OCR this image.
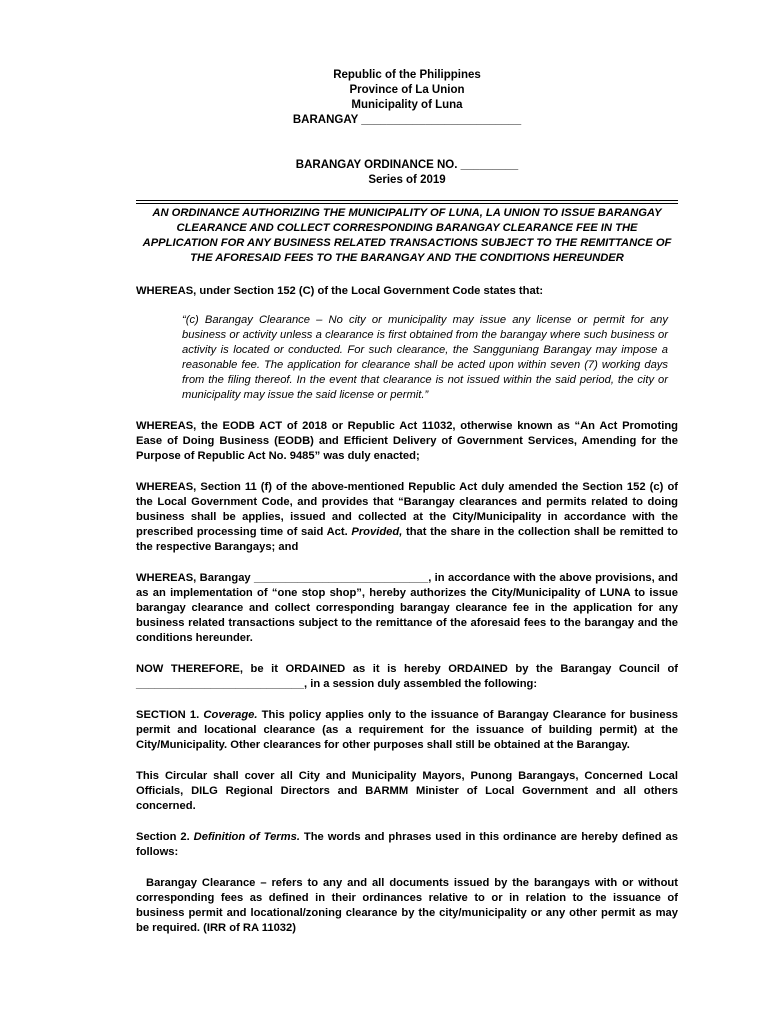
Republic of the Philippines
Province of La Union
Municipality of Luna
BARANGAY _________________________
BARANGAY ORDINANCE NO. _________
Series of 2019
AN ORDINANCE AUTHORIZING THE MUNICIPALITY OF LUNA, LA UNION TO ISSUE BARANGAY CLEARANCE AND COLLECT CORRESPONDING BARANGAY CLEARANCE FEE IN THE APPLICATION FOR ANY BUSINESS RELATED TRANSACTIONS SUBJECT TO THE REMITTANCE OF THE AFORESAID FEES TO THE BARANGAY AND THE CONDITIONS HEREUNDER

WHEREAS, under Section 152 (C) of the Local Government Code states that:

“(c) Barangay Clearance – No city or municipality may issue any license or permit for any business or activity unless a clearance is first obtained from the barangay where such business or activity is located or conducted. For such clearance, the Sangguniang Barangay may impose a reasonable fee. The application for clearance shall be acted upon within seven (7) working days from the filing thereof. In the event that clearance is not issued within the said period, the city or municipality may issue the said license or permit.”

WHEREAS, the EODB ACT of 2018 or Republic Act 11032, otherwise known as “An Act Promoting Ease of Doing Business (EODB) and Efficient Delivery of Government Services, Amending for the Purpose of Republic Act No. 9485” was duly enacted;

WHEREAS, Section 11 (f) of the above-mentioned Republic Act duly amended the Section 152 (c) of the Local Government Code, and provides that “Barangay clearances and permits related to doing business shall be applies, issued and collected at the City/Municipality in accordance with the prescribed processing time of said Act. Provided, that the share in the collection shall be remitted to the respective Barangays; and

WHEREAS, Barangay ____________________________, in accordance with the above provisions, and as an implementation of “one stop shop”, hereby authorizes the City/Municipality of LUNA to issue barangay clearance and collect corresponding barangay clearance fee in the application for any business related transactions subject to the remittance of the aforesaid fees to the barangay and the conditions hereunder.

NOW THEREFORE, be it ORDAINED as it is hereby ORDAINED by the Barangay Council of ___________________________, in a session duly assembled the following:

SECTION 1. Coverage. This policy applies only to the issuance of Barangay Clearance for business permit and locational clearance (as a requirement for the issuance of building permit) at the City/Municipality. Other clearances for other purposes shall still be obtained at the Barangay.

This Circular shall cover all City and Municipality Mayors, Punong Barangays, Concerned Local Officials, DILG Regional Directors and BARMM Minister of Local Government and all others concerned.

Section 2. Definition of Terms. The words and phrases used in this ordinance are hereby defined as follows:

Barangay Clearance – refers to any and all documents issued by the barangays with or without corresponding fees as defined in their ordinances relative to or in relation to the issuance of business permit and locational/zoning clearance by the city/municipality or any other permit as may be required. (IRR of RA 11032)
